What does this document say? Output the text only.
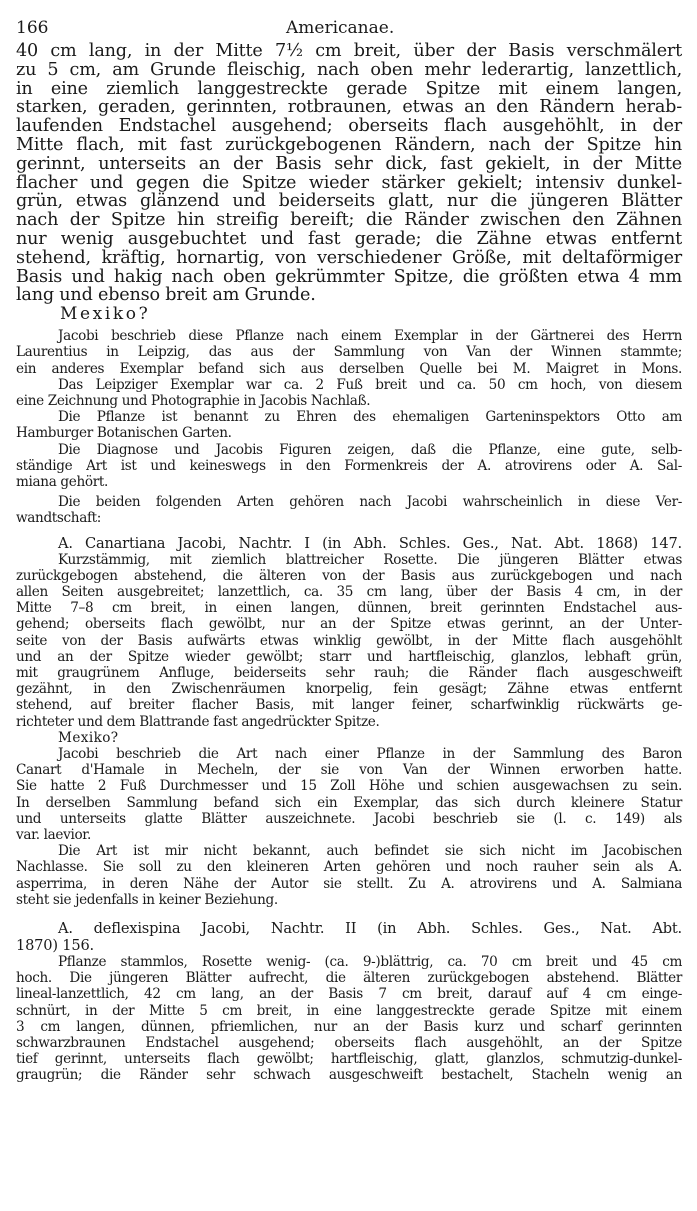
166	Americanae.
40 cm lang, in der Mitte 7½ cm breit, über der Basis verschmälert
zu 5 cm, am Grunde fleischig, nach oben mehr lederartig, lanzettlich,
in eine ziemlich langgestreckte gerade Spitze mit einem langen,
starken, geraden, gerinnten, rotbraunen, etwas an den Rändern herab-
laufenden Endstachel ausgehend; oberseits flach ausgehöhlt, in der
Mitte flach, mit fast zurückgebogenen Rändern, nach der Spitze hin
gerinnt, unterseits an der Basis sehr dick, fast gekielt, in der Mitte
flacher und gegen die Spitze wieder stärker gekielt; intensiv dunkel-
grün, etwas glänzend und beiderseits glatt, nur die jüngeren Blätter
nach der Spitze hin streifig bereift; die Ränder zwischen den Zähnen
nur wenig ausgebuchtet und fast gerade; die Zähne etwas entfernt
stehend, kräftig, hornartig, von verschiedener Größe, mit deltaförmiger
Basis und hakig nach oben gekrümmter Spitze, die größten etwa 4 mm
lang und ebenso breit am Grunde.
Mexiko?
Jacobi beschrieb diese Pflanze nach einem Exemplar in der Gärtnerei des Herrn
Laurentius in Leipzig, das aus der Sammlung von Van der Winnen stammte;
ein anderes Exemplar befand sich aus derselben Quelle bei M. Maigret in Mons.
Das Leipziger Exemplar war ca. 2 Fuß breit und ca. 50 cm hoch, von diesem
eine Zeichnung und Photographie in Jacobis Nachlaß.
Die Pflanze ist benannt zu Ehren des ehemaligen Garteninspektors Otto am
Hamburger Botanischen Garten.
Die Diagnose und Jacobis Figuren zeigen, daß die Pflanze, eine gute, selb-
ständige Art ist und keineswegs in den Formenkreis der A. atrovirens oder A. Sal-
miana gehört.
Die beiden folgenden Arten gehören nach Jacobi wahrscheinlich in diese Ver-
wandtschaft:
A. Canartiana Jacobi, Nachtr. I (in Abh. Schles. Ges., Nat. Abt. 1868) 147.
Kurzstämmig, mit ziemlich blattreicher Rosette. Die jüngeren Blätter etwas
zurückgebogen abstehend, die älteren von der Basis aus zurückgebogen und nach
allen Seiten ausgebreitet; lanzettlich, ca. 35 cm lang, über der Basis 4 cm, in der
Mitte 7–8 cm breit, in einen langen, dünnen, breit gerinnten Endstachel aus-
gehend; oberseits flach gewölbt, nur an der Spitze etwas gerinnt, an der Unter-
seite von der Basis aufwärts etwas winklig gewölbt, in der Mitte flach ausgehöhlt
und an der Spitze wieder gewölbt; starr und hartfleischig, glanzlos, lebhaft grün,
mit graugrünem Anfluge, beiderseits sehr rauh; die Ränder flach ausgeschweift
gezähnt, in den Zwischenräumen knorpelig, fein gesägt; Zähne etwas entfernt
stehend, auf breiter flacher Basis, mit langer feiner, scharfwinklig rückwärts ge-
richteter und dem Blattrande fast angedrückter Spitze.
Mexiko?
Jacobi beschrieb die Art nach einer Pflanze in der Sammlung des Baron
Canart d'Hamale in Mecheln, der sie von Van der Winnen erworben hatte.
Sie hatte 2 Fuß Durchmesser und 15 Zoll Höhe und schien ausgewachsen zu sein.
In derselben Sammlung befand sich ein Exemplar, das sich durch kleinere Statur
und unterseits glatte Blätter auszeichnete. Jacobi beschrieb sie (l. c. 149) als
var. laevior.
Die Art ist mir nicht bekannt, auch befindet sie sich nicht im Jacobischen
Nachlasse. Sie soll zu den kleineren Arten gehören und noch rauher sein als A.
asperrima, in deren Nähe der Autor sie stellt. Zu A. atrovirens und A. Salmiana
steht sie jedenfalls in keiner Beziehung.
A. deflexispina Jacobi, Nachtr. II (in Abh. Schles. Ges., Nat. Abt.
1870) 156.
Pflanze stammlos, Rosette wenig- (ca. 9-)blättrig, ca. 70 cm breit und 45 cm
hoch. Die jüngeren Blätter aufrecht, die älteren zurückgebogen abstehend. Blätter
lineal-lanzettlich, 42 cm lang, an der Basis 7 cm breit, darauf auf 4 cm einge-
schnürt, in der Mitte 5 cm breit, in eine langgestreckte gerade Spitze mit einem
3 cm langen, dünnen, pfriemlichen, nur an der Basis kurz und scharf gerinnten
schwarzbraunen Endstachel ausgehend; oberseits flach ausgehöhlt, an der Spitze
tief gerinnt, unterseits flach gewölbt; hartfleischig, glatt, glanzlos, schmutzig-dunkel-
graugrün; die Ränder sehr schwach ausgeschweift bestachelt, Stacheln wenig an
